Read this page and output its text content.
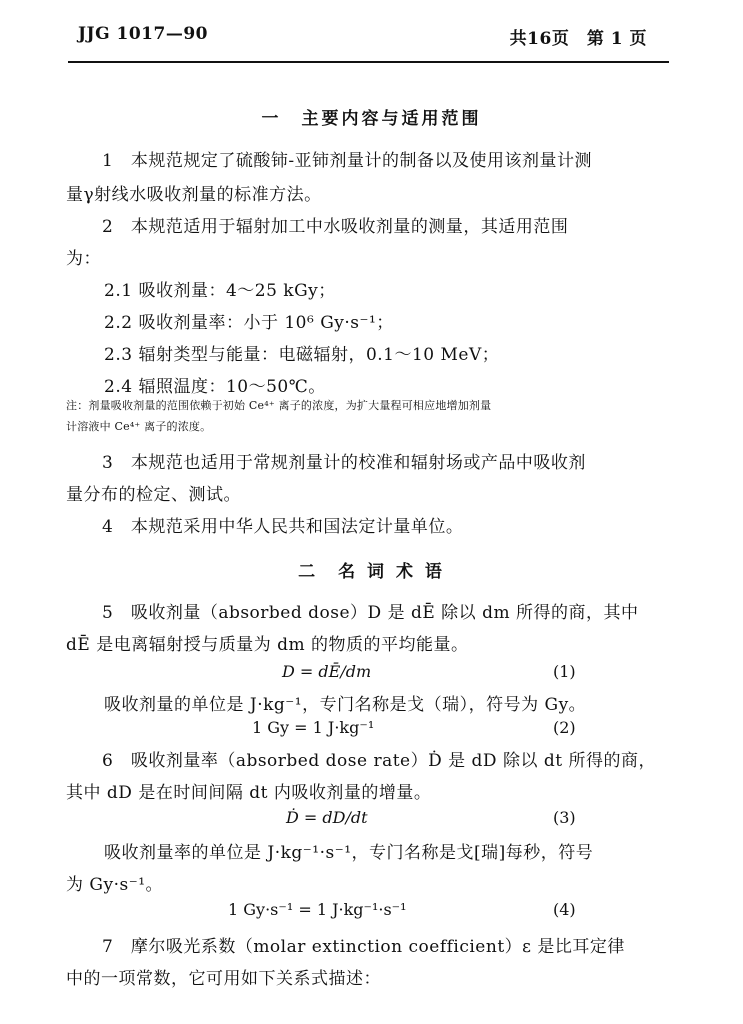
JJG 1017—90	共16页　第 1 页
一　主要内容与适用范围
1　本规范规定了硫酸铈-亚铈剂量计的制备以及使用该剂量计测
量γ射线水吸收剂量的标准方法。
2　本规范适用于辐射加工中水吸收剂量的测量，其适用范围
为：
2.1 吸收剂量：4～25 kGy；
2.2 吸收剂量率：小于 10⁶ Gy·s⁻¹；
2.3 辐射类型与能量：电磁辐射，0.1～10 MeV；
2.4 辐照温度：10～50℃。
注：剂量吸收剂量的范围依赖于初始 Ce⁴⁺ 离子的浓度，为扩大量程可相应地增加剂量
计溶液中 Ce⁴⁺ 离子的浓度。
3　本规范也适用于常规剂量计的校准和辐射场或产品中吸收剂
量分布的检定、测试。
4　本规范采用中华人民共和国法定计量单位。
二　名 词 术 语
5　吸收剂量（absorbed dose）D 是 dĒ 除以 dm 所得的商，其中
dĒ 是电离辐射授与质量为 dm 的物质的平均能量。
D = dĒ/dm	(1)
吸收剂量的单位是 J·kg⁻¹，专门名称是戈（瑞），符号为 Gy。
1 Gy = 1 J·kg⁻¹	(2)
6　吸收剂量率（absorbed dose rate）Ḋ 是 dD 除以 dt 所得的商，
其中 dD 是在时间间隔 dt 内吸收剂量的增量。
Ḋ = dD/dt	(3)
吸收剂量率的单位是 J·kg⁻¹·s⁻¹，专门名称是戈[瑞]每秒，符号
为 Gy·s⁻¹。
1 Gy·s⁻¹ = 1 J·kg⁻¹·s⁻¹	(4)
7　摩尔吸光系数（molar extinction coefficient）ε 是比耳定律
中的一项常数，它可用如下关系式描述：
